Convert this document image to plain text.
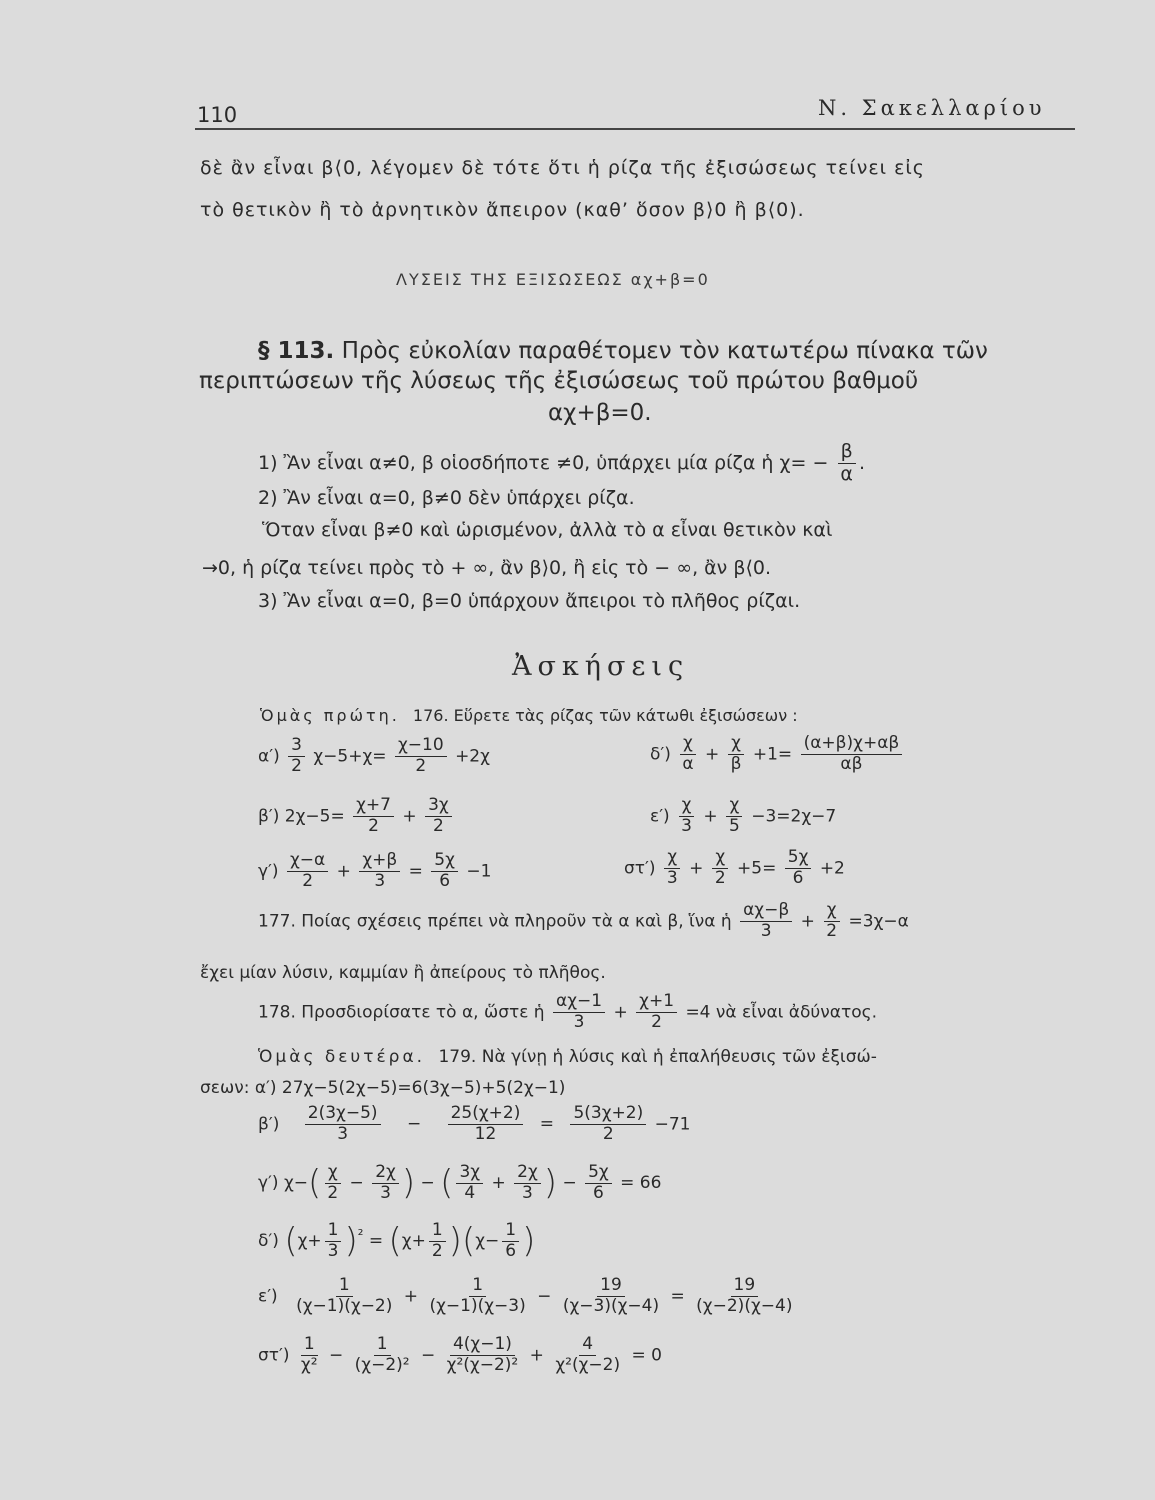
110	Ν. Σακελλαρίου
δὲ ἂν εἶναι β⟨0, λέγομεν δὲ τότε ὅτι ἡ ρίζα τῆς ἐξισώσεως τείνει εἰς
τὸ θετικὸν ἢ τὸ ἀρνητικὸν ἄπειρον (καθ’ ὅσον β⟩0 ἢ β⟨0).
ΛΥΣΕΙΣ ΤΗΣ ΕΞΙΣΩΣΕΩΣ αχ+β=0
§ 113. Πρὸς εὐκολίαν παραθέτομεν τὸν κατωτέρω πίνακα τῶν
περιπτώσεων τῆς λύσεως τῆς ἐξισώσεως τοῦ πρώτου βαθμοῦ
αχ+β=0.
1) Ἂν εἶναι α≠0, β οἱοσδήποτε ≠0, ὑπάρχει μία ρίζα ἡ $\chi= - \frac{\beta}{\alpha}$ .
2) Ἂν εἶναι α=0, β≠0 δὲν ὑπάρχει ρίζα.
Ὅταν εἶναι β≠0 καὶ ὡρισμένον, ἀλλὰ τὸ α εἶναι θετικὸν καὶ
→0, ἡ ρίζα τείνει πρὸς τὸ + ∞, ἂν β⟩0, ἢ εἰς τὸ − ∞, ἂν β⟨0.
3) Ἂν εἶναι α=0, β=0 ὑπάρχουν ἄπειροι τὸ πλῆθος ρίζαι.
Ἀσκήσεις
Ὁμὰς πρώτη. 176. Εὕρετε τὰς ρίζας τῶν κάτωθι ἐξισώσεων :
$\alpha') \frac{3}{2} \chi-5+\chi= \frac{\chi-10}{2} +2\chi$
β′) $2\chi-5= \frac{\chi+7}{2} + \frac{3\chi}{2}$
$\gamma') \frac{\chi-\alpha}{2} + \frac{\chi+\beta}{3} = \frac{5\chi}{6} -1$
$\delta') \frac{\chi}{\alpha} + \frac{\chi}{\beta} +1= \frac{(\alpha+\beta)\chi+\alpha\beta}{\alpha\beta}$
$\varepsilon') \frac{\chi}{3} + \frac{\chi}{5} -3=2\chi-7$
$\sigma\tau') \frac{\chi}{3} + \frac{\chi}{2} +5= \frac{5\chi}{6} +2$
177. Ποίας σχέσεις πρέπει νὰ πληροῦν τὰ α καὶ β, ἵνα ἡ $\frac{\alpha\chi-\beta}{3} + \frac{\chi}{2} =3\chi-\alpha$
ἔχει μίαν λύσιν, καμμίαν ἢ ἀπείρους τὸ πλῆθος.
178. Προσδιορίσατε τὸ α, ὥστε ἡ $\frac{\alpha\chi-1}{3} + \frac{\chi+1}{2} =4$ νὰ εἶναι ἀδύνατος.
Ὁμὰς δευτέρα. 179. Νὰ γίνῃ ἡ λύσις καὶ ἡ ἐπαλήθευσις τῶν ἐξισώ-
σεων: α′) 27χ−5(2χ−5)=6(3χ−5)+5(2χ−1)
$\beta') \frac{2(3\chi-5)}{3} - \frac{25(\chi+2)}{12} = \frac{5(3\chi+2)}{2} -71$
γ′) $\chi-( \frac{\chi}{2} - \frac{2\chi}{3}$ ) − ( $\frac{3\chi}{4} + \frac{2\chi}{3}$ ) − $\frac{5\chi}{6} = 66$
δ′) $(\chi+ \frac{1}{3} )^{^2} = (\chi+ \frac{1}{2} )(\chi- \frac{1}{6}$ )
$\varepsilon') \frac{1}{(\chi-1)(\chi-2)} + \frac{1}{(\chi-1)(\chi-3)} - \frac{19}{(\chi-3)(\chi-4)} = \frac{19}{(\chi-2)(\chi-4)}$
$\sigma\tau') \frac{1}{\text{χ²}} - \frac{1}{\text{(χ−2)²}} - \frac{4(\chi-1)}{\text{χ²(χ−2)²}} + \frac{4}{\text{χ²(χ−2)}} = 0$
